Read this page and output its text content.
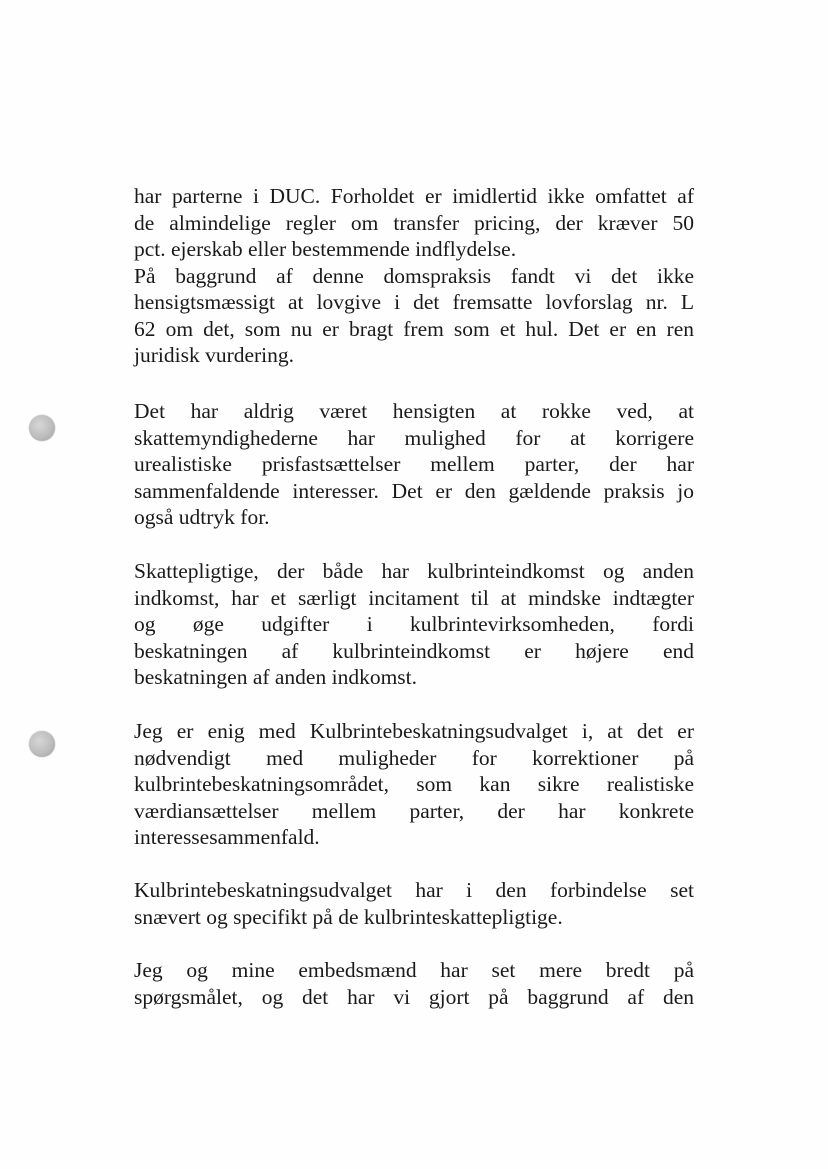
har parterne i DUC. Forholdet er imidlertid ikke omfattet af
de almindelige regler om transfer pricing, der kræver 50
pct. ejerskab eller bestemmende indflydelse.
På baggrund af denne domspraksis fandt vi det ikke
hensigtsmæssigt at lovgive i det fremsatte lovforslag nr. L
62 om det, som nu er bragt frem som et hul. Det er en ren
juridisk vurdering.
Det har aldrig været hensigten at rokke ved, at
skattemyndighederne har mulighed for at korrigere
urealistiske prisfastsættelser mellem parter, der har
sammenfaldende interesser. Det er den gældende praksis jo
også udtryk for.
Skattepligtige, der både har kulbrinteindkomst og anden
indkomst, har et særligt incitament til at mindske indtægter
og øge udgifter i kulbrintevirksomheden, fordi
beskatningen af kulbrinteindkomst er højere end
beskatningen af anden indkomst.
Jeg er enig med Kulbrintebeskatningsudvalget i, at det er
nødvendigt med muligheder for korrektioner på
kulbrintebeskatningsområdet, som kan sikre realistiske
værdiansættelser mellem parter, der har konkrete
interessesammenfald.
Kulbrintebeskatningsudvalget har i den forbindelse set
snævert og specifikt på de kulbrinteskattepligtige.
Jeg og mine embedsmænd har set mere bredt på
spørgsmålet, og det har vi gjort på baggrund af den
